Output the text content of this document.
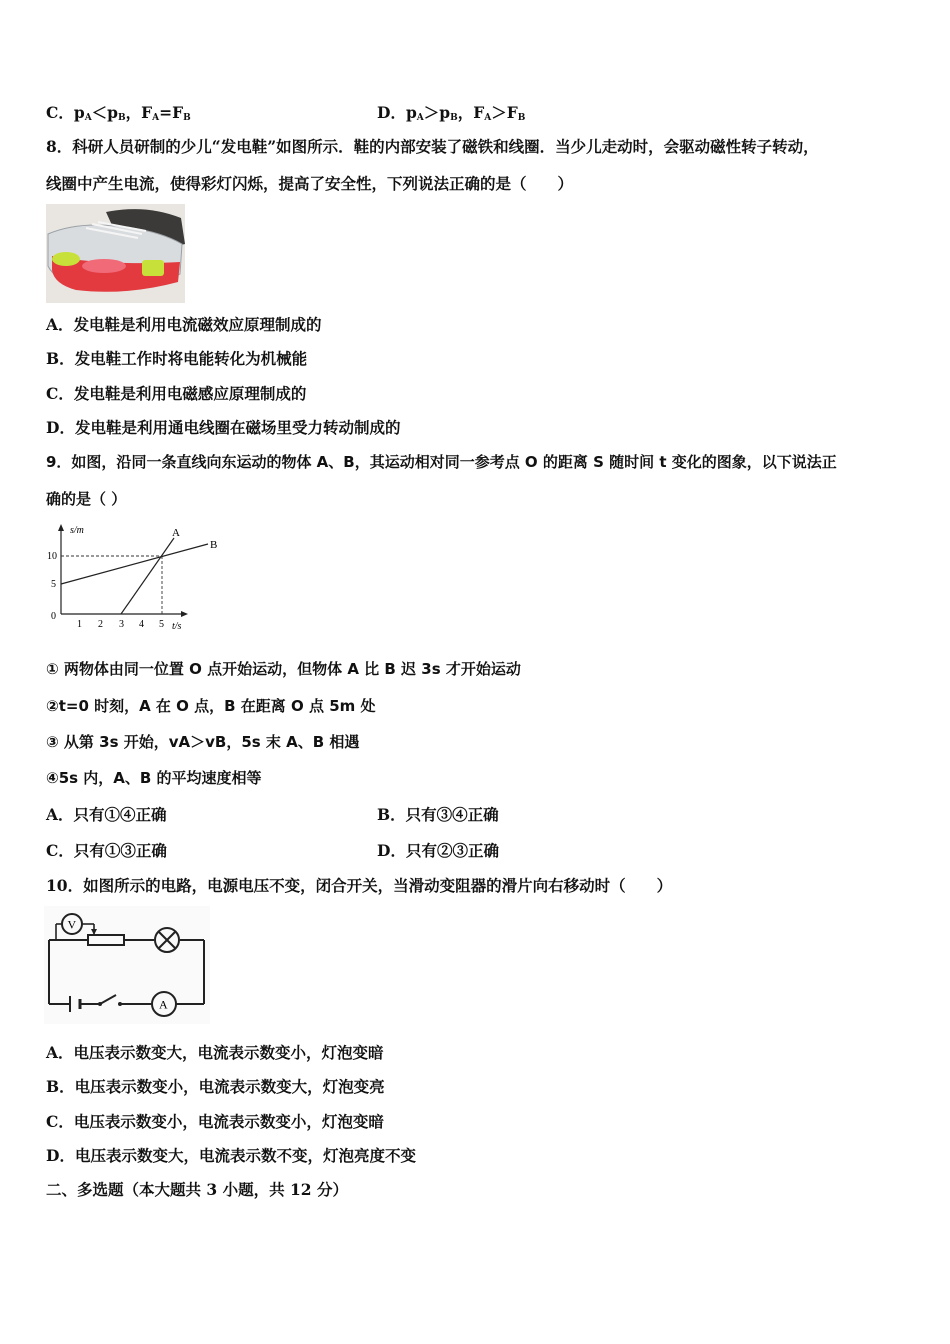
C．$p_A<p_B$，$F_A=F_B$	D．$p_A>p_B$，$F_A>F_B$
8．科研人员研制的少儿“发电鞋”如图所示．鞋的内部安装了磁铁和线圈．当少儿走动时，会驱动磁性转子转动，
线圈中产生电流，使得彩灯闪烁，提高了安全性，下列说法正确的是（　　）
A．发电鞋是利用电流磁效应原理制成的
B．发电鞋工作时将电能转化为机械能
C．发电鞋是利用电磁感应原理制成的
D．发电鞋是利用通电线圈在磁场里受力转动制成的
9．如图，沿同一条直线向东运动的物体 A、B，其运动相对同一参考点 O 的距离 S 随时间 t 变化的图象，以下说法正
确的是（ ）
s/m
t/s
10
5
0
1 2 3 4 5
A
B
① 两物体由同一位置 O 点开始运动，但物体 A 比 B 迟 3s 才开始运动
②t=0 时刻，A 在 O 点，B 在距离 O 点 5m 处
③ 从第 3s 开始，vA＞vB，5s 末 A、B 相遇
④5s 内，A、B 的平均速度相等
A．只有①④正确	B．只有③④正确
C．只有①③正确	D．只有②③正确
10．如图所示的电路，电源电压不变，闭合开关，当滑动变阻器的滑片向右移动时（　　）
V
A
A．电压表示数变大，电流表示数变小，灯泡变暗
B．电压表示数变小，电流表示数变大，灯泡变亮
C．电压表示数变小，电流表示数变小，灯泡变暗
D．电压表示数变大，电流表示数不变，灯泡亮度不变
二、多选题（本大题共 3 小题，共 12 分）
